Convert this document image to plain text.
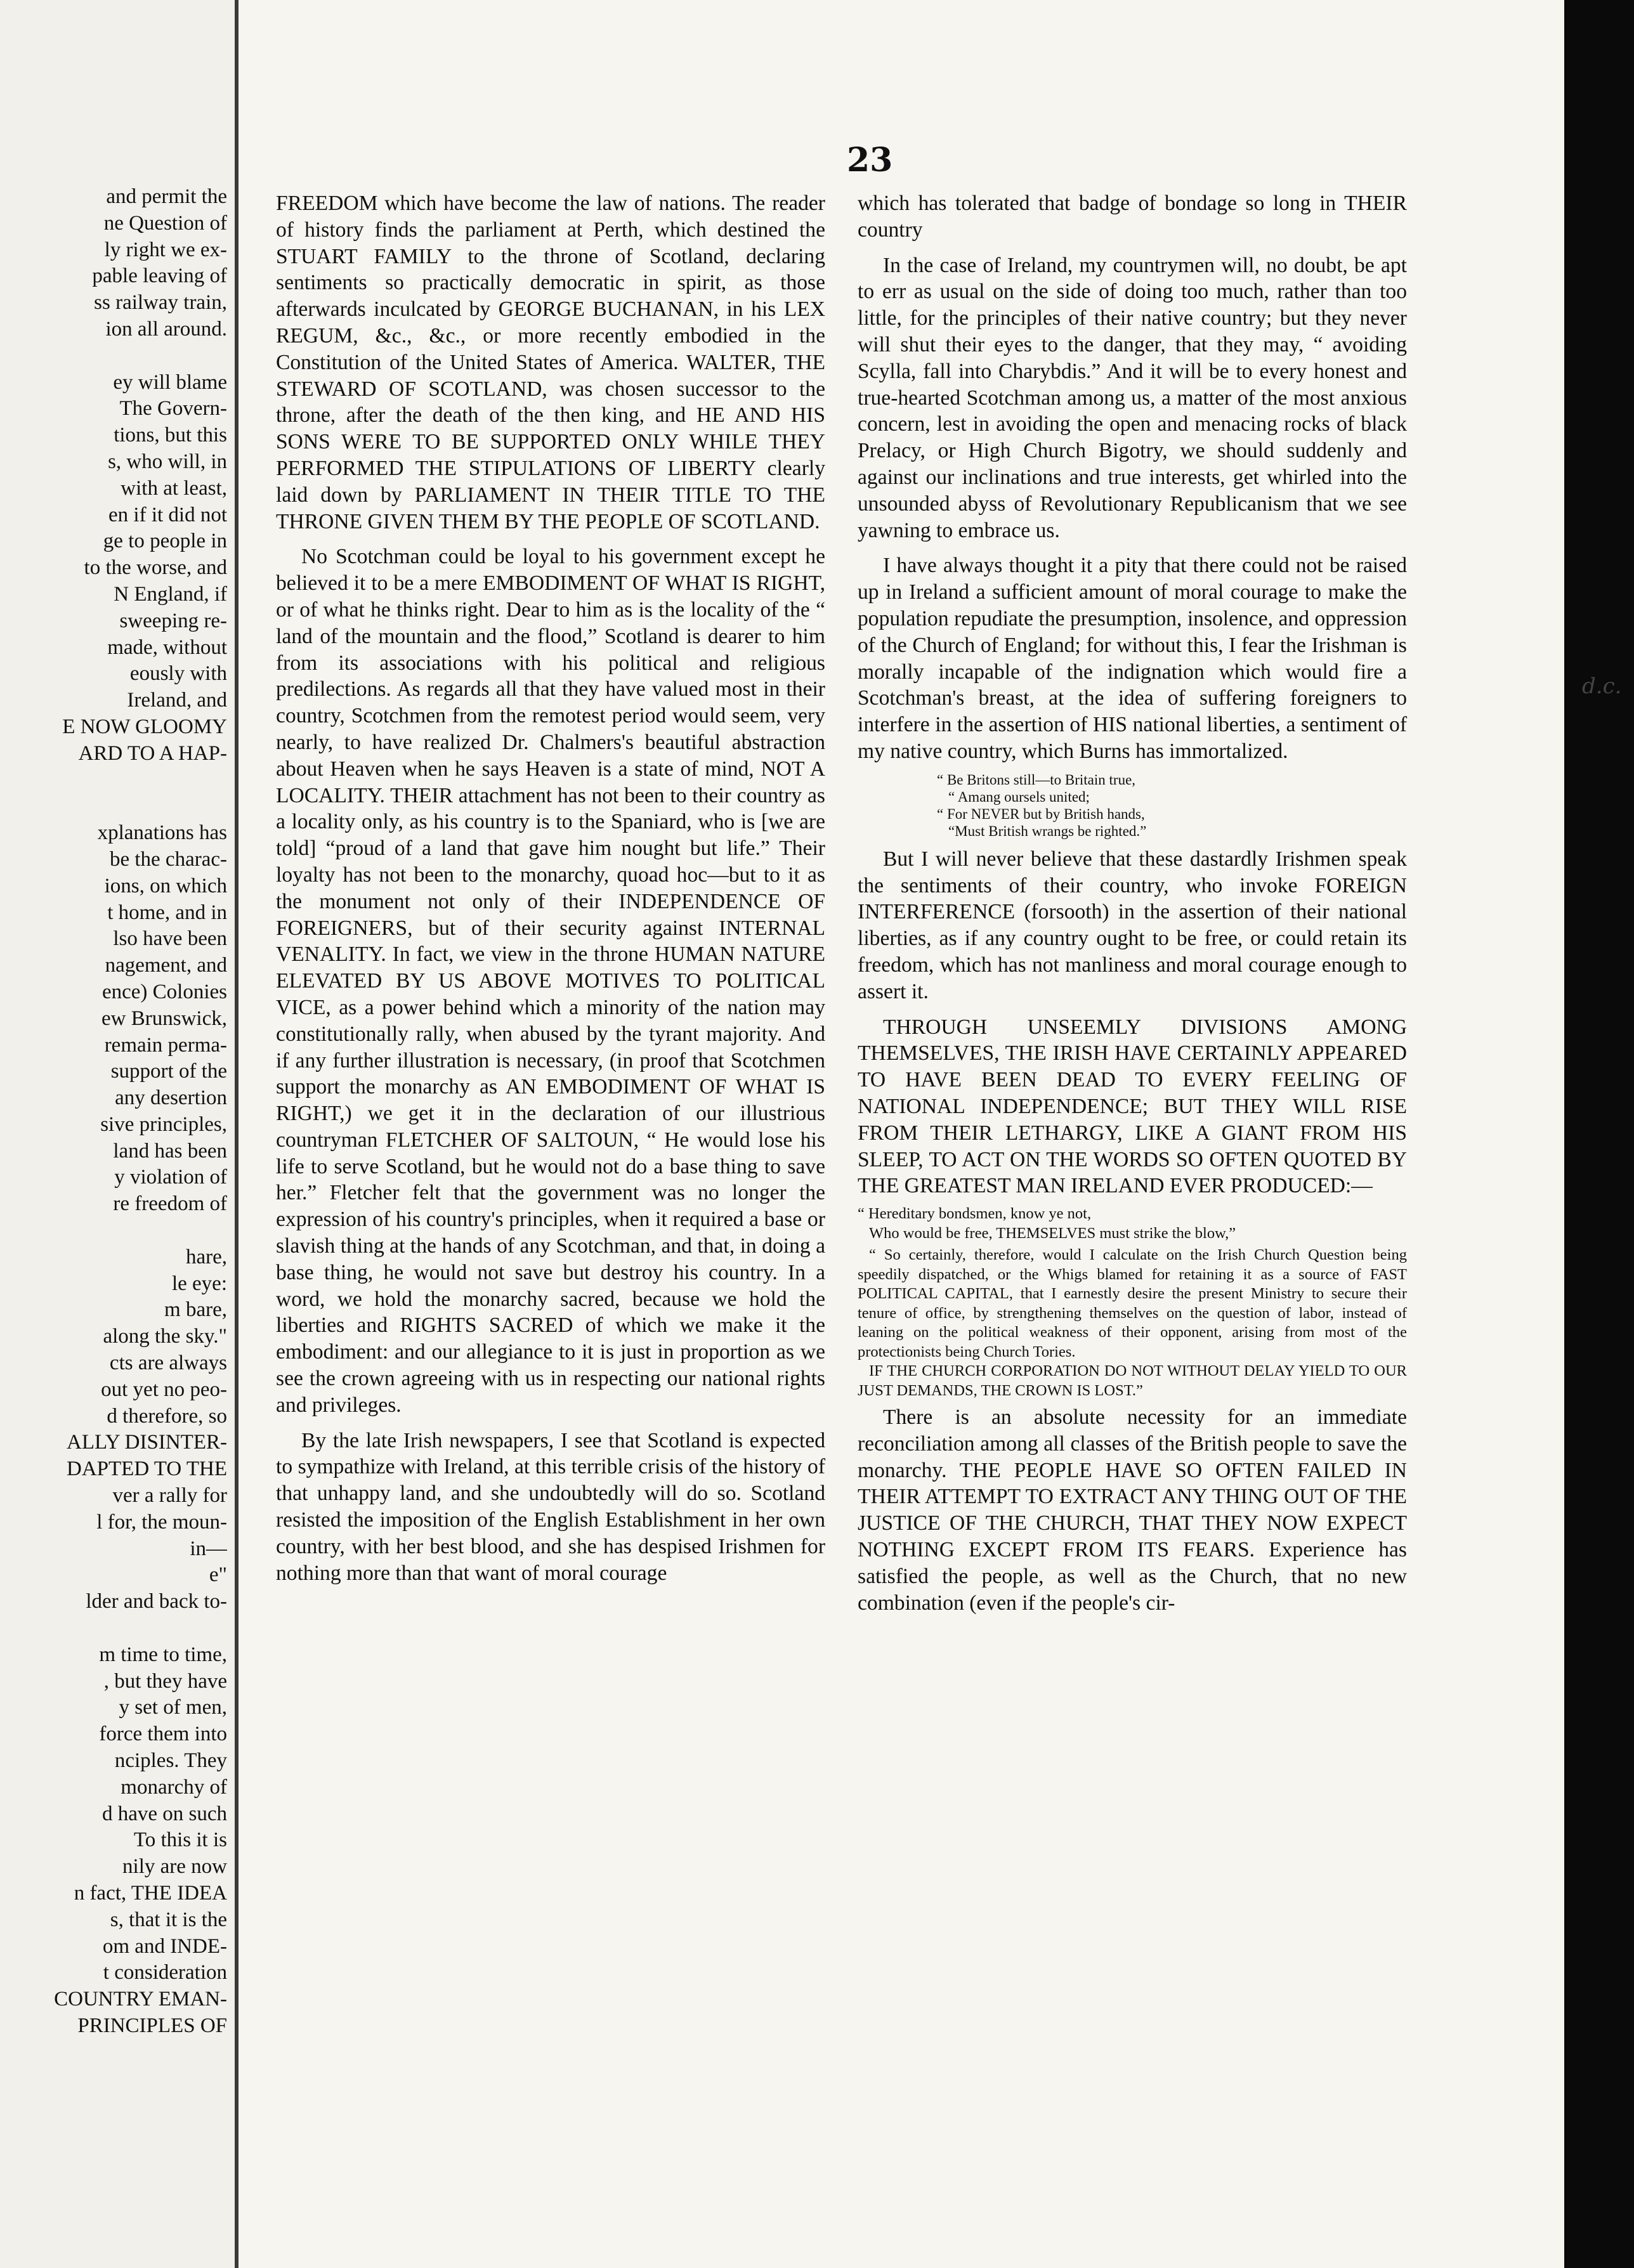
and permit the
ne Question of
ly right we ex-
pable leaving of
ss railway train,
ion all around.

ey will blame
The Govern-
tions, but this
s, who will, in
with at least,
en if it did not
ge to people in
to the worse, and
N England, if
sweeping re-
made, without
eously with
Ireland, and
E NOW GLOOMY
ARD TO A HAP-

xplanations has
be the charac-
ions, on which
t home, and in
lso have been
nagement, and
ence) Colonies
ew Brunswick,
remain perma-
support of the
any desertion
sive principles,
land has been
y violation of
re freedom of

hare,
le eye:
m bare,
along the sky."
cts are always
out yet no peo-
d therefore, so
ALLY DISINTER-
DAPTED TO THE
ver a rally for
l for, the moun-
in—
e"
lder and back to-

m time to time,
, but they have
y set of men,
force them into
nciples. They
monarchy of
d have on such
To this it is
nily are now
n fact, THE IDEA
s, that it is the
om and INDE-
t consideration
COUNTRY EMAN-
PRINCIPLES OF
23

FREEDOM which have become the law of nations. The reader of history finds the parliament at Perth, which destined the STUART FAMILY to the throne of Scotland, declaring sentiments so practically democratic in spirit, as those afterwards inculcated by GEORGE BUCHANAN, in his LEX REGUM, &c., &c., or more recently embodied in the Constitution of the United States of America. WALTER, THE STEWARD OF SCOTLAND, was chosen successor to the throne, after the death of the then king, and HE AND HIS SONS WERE TO BE SUPPORTED ONLY WHILE THEY PERFORMED THE STIPULATIONS OF LIBERTY clearly laid down by PARLIAMENT IN THEIR TITLE TO THE THRONE GIVEN THEM BY THE PEOPLE OF SCOTLAND.

No Scotchman could be loyal to his government except he believed it to be a mere EMBODIMENT OF WHAT IS RIGHT, or of what he thinks right. Dear to him as is the locality of the “ land of the mountain and the flood,” Scotland is dearer to him from its associations with his political and religious predilections. As regards all that they have valued most in their country, Scotchmen from the remotest period would seem, very nearly, to have realized Dr. Chalmers's beautiful abstraction about Heaven when he says Heaven is a state of mind, NOT A LOCALITY. THEIR attachment has not been to their country as a locality only, as his country is to the Spaniard, who is [we are told] “proud of a land that gave him nought but life.” Their loyalty has not been to the monarchy, quoad hoc—but to it as the monument not only of their INDEPENDENCE OF FOREIGNERS, but of their security against INTERNAL VENALITY. In fact, we view in the throne HUMAN NATURE ELEVATED BY US ABOVE MOTIVES TO POLITICAL VICE, as a power behind which a minority of the nation may constitutionally rally, when abused by the tyrant majority. And if any further illustration is necessary, (in proof that Scotchmen support the monarchy as AN EMBODIMENT OF WHAT IS RIGHT,) we get it in the declaration of our illustrious countryman FLETCHER OF SALTOUN, “ He would lose his life to serve Scotland, but he would not do a base thing to save her.” Fletcher felt that the government was no longer the expression of his country's principles, when it required a base or slavish thing at the hands of any Scotchman, and that, in doing a base thing, he would not save but destroy his country. In a word, we hold the monarchy sacred, because we hold the liberties and RIGHTS SACRED of which we make it the embodiment: and our allegiance to it is just in proportion as we see the crown agreeing with us in respecting our national rights and privileges.

By the late Irish newspapers, I see that Scotland is expected to sympathize with Ireland, at this terrible crisis of the history of that unhappy land, and she undoubtedly will do so. Scotland resisted the imposition of the English Establishment in her own country, with her best blood, and she has despised Irishmen for nothing more than that want of moral courage

which has tolerated that badge of bondage so long in THEIR country

In the case of Ireland, my countrymen will, no doubt, be apt to err as usual on the side of doing too much, rather than too little, for the principles of their native country; but they never will shut their eyes to the danger, that they may, “ avoiding Scylla, fall into Charybdis.” And it will be to every honest and true-hearted Scotchman among us, a matter of the most anxious concern, lest in avoiding the open and menacing rocks of black Prelacy, or High Church Bigotry, we should suddenly and against our inclinations and true interests, get whirled into the unsounded abyss of Revolutionary Republicanism that we see yawning to embrace us.

I have always thought it a pity that there could not be raised up in Ireland a sufficient amount of moral courage to make the population repudiate the presumption, insolence, and oppression of the Church of England; for without this, I fear the Irishman is morally incapable of the indignation which would fire a Scotchman's breast, at the idea of suffering foreigners to interfere in the assertion of HIS national liberties, a sentiment of my native country, which Burns has immortalized.

“ Be Britons still—to Britain true,
“ Amang oursels united;
“ For NEVER but by British hands,
“Must British wrangs be righted.”

But I will never believe that these dastardly Irishmen speak the sentiments of their country, who invoke FOREIGN INTERFERENCE (forsooth) in the assertion of their national liberties, as if any country ought to be free, or could retain its freedom, which has not manliness and moral courage enough to assert it.

THROUGH UNSEEMLY DIVISIONS AMONG THEMSELVES, THE IRISH HAVE CERTAINLY APPEARED TO HAVE BEEN DEAD TO EVERY FEELING OF NATIONAL INDEPENDENCE; BUT THEY WILL RISE FROM THEIR LETHARGY, LIKE A GIANT FROM HIS SLEEP, TO ACT ON THE WORDS SO OFTEN QUOTED BY THE GREATEST MAN IRELAND EVER PRODUCED:—

“ Hereditary bondsmen, know ye not,
Who would be free, THEMSELVES must strike the blow,”

“ So certainly, therefore, would I calculate on the Irish Church Question being speedily dispatched, or the Whigs blamed for retaining it as a source of FAST POLITICAL CAPITAL, that I earnestly desire the present Ministry to secure their tenure of office, by strengthening themselves on the question of labor, instead of leaning on the political weakness of their opponent, arising from most of the protectionists being Church Tories.

IF THE CHURCH CORPORATION DO NOT WITHOUT DELAY YIELD TO OUR JUST DEMANDS, THE CROWN IS LOST.”

There is an absolute necessity for an immediate reconciliation among all classes of the British people to save the monarchy. THE PEOPLE HAVE SO OFTEN FAILED IN THEIR ATTEMPT TO EXTRACT ANY THING OUT OF THE JUSTICE OF THE CHURCH, THAT THEY NOW EXPECT NOTHING EXCEPT FROM ITS FEARS. Experience has satisfied the people, as well as the Church, that no new combination (even if the people's cir-

d.c.
